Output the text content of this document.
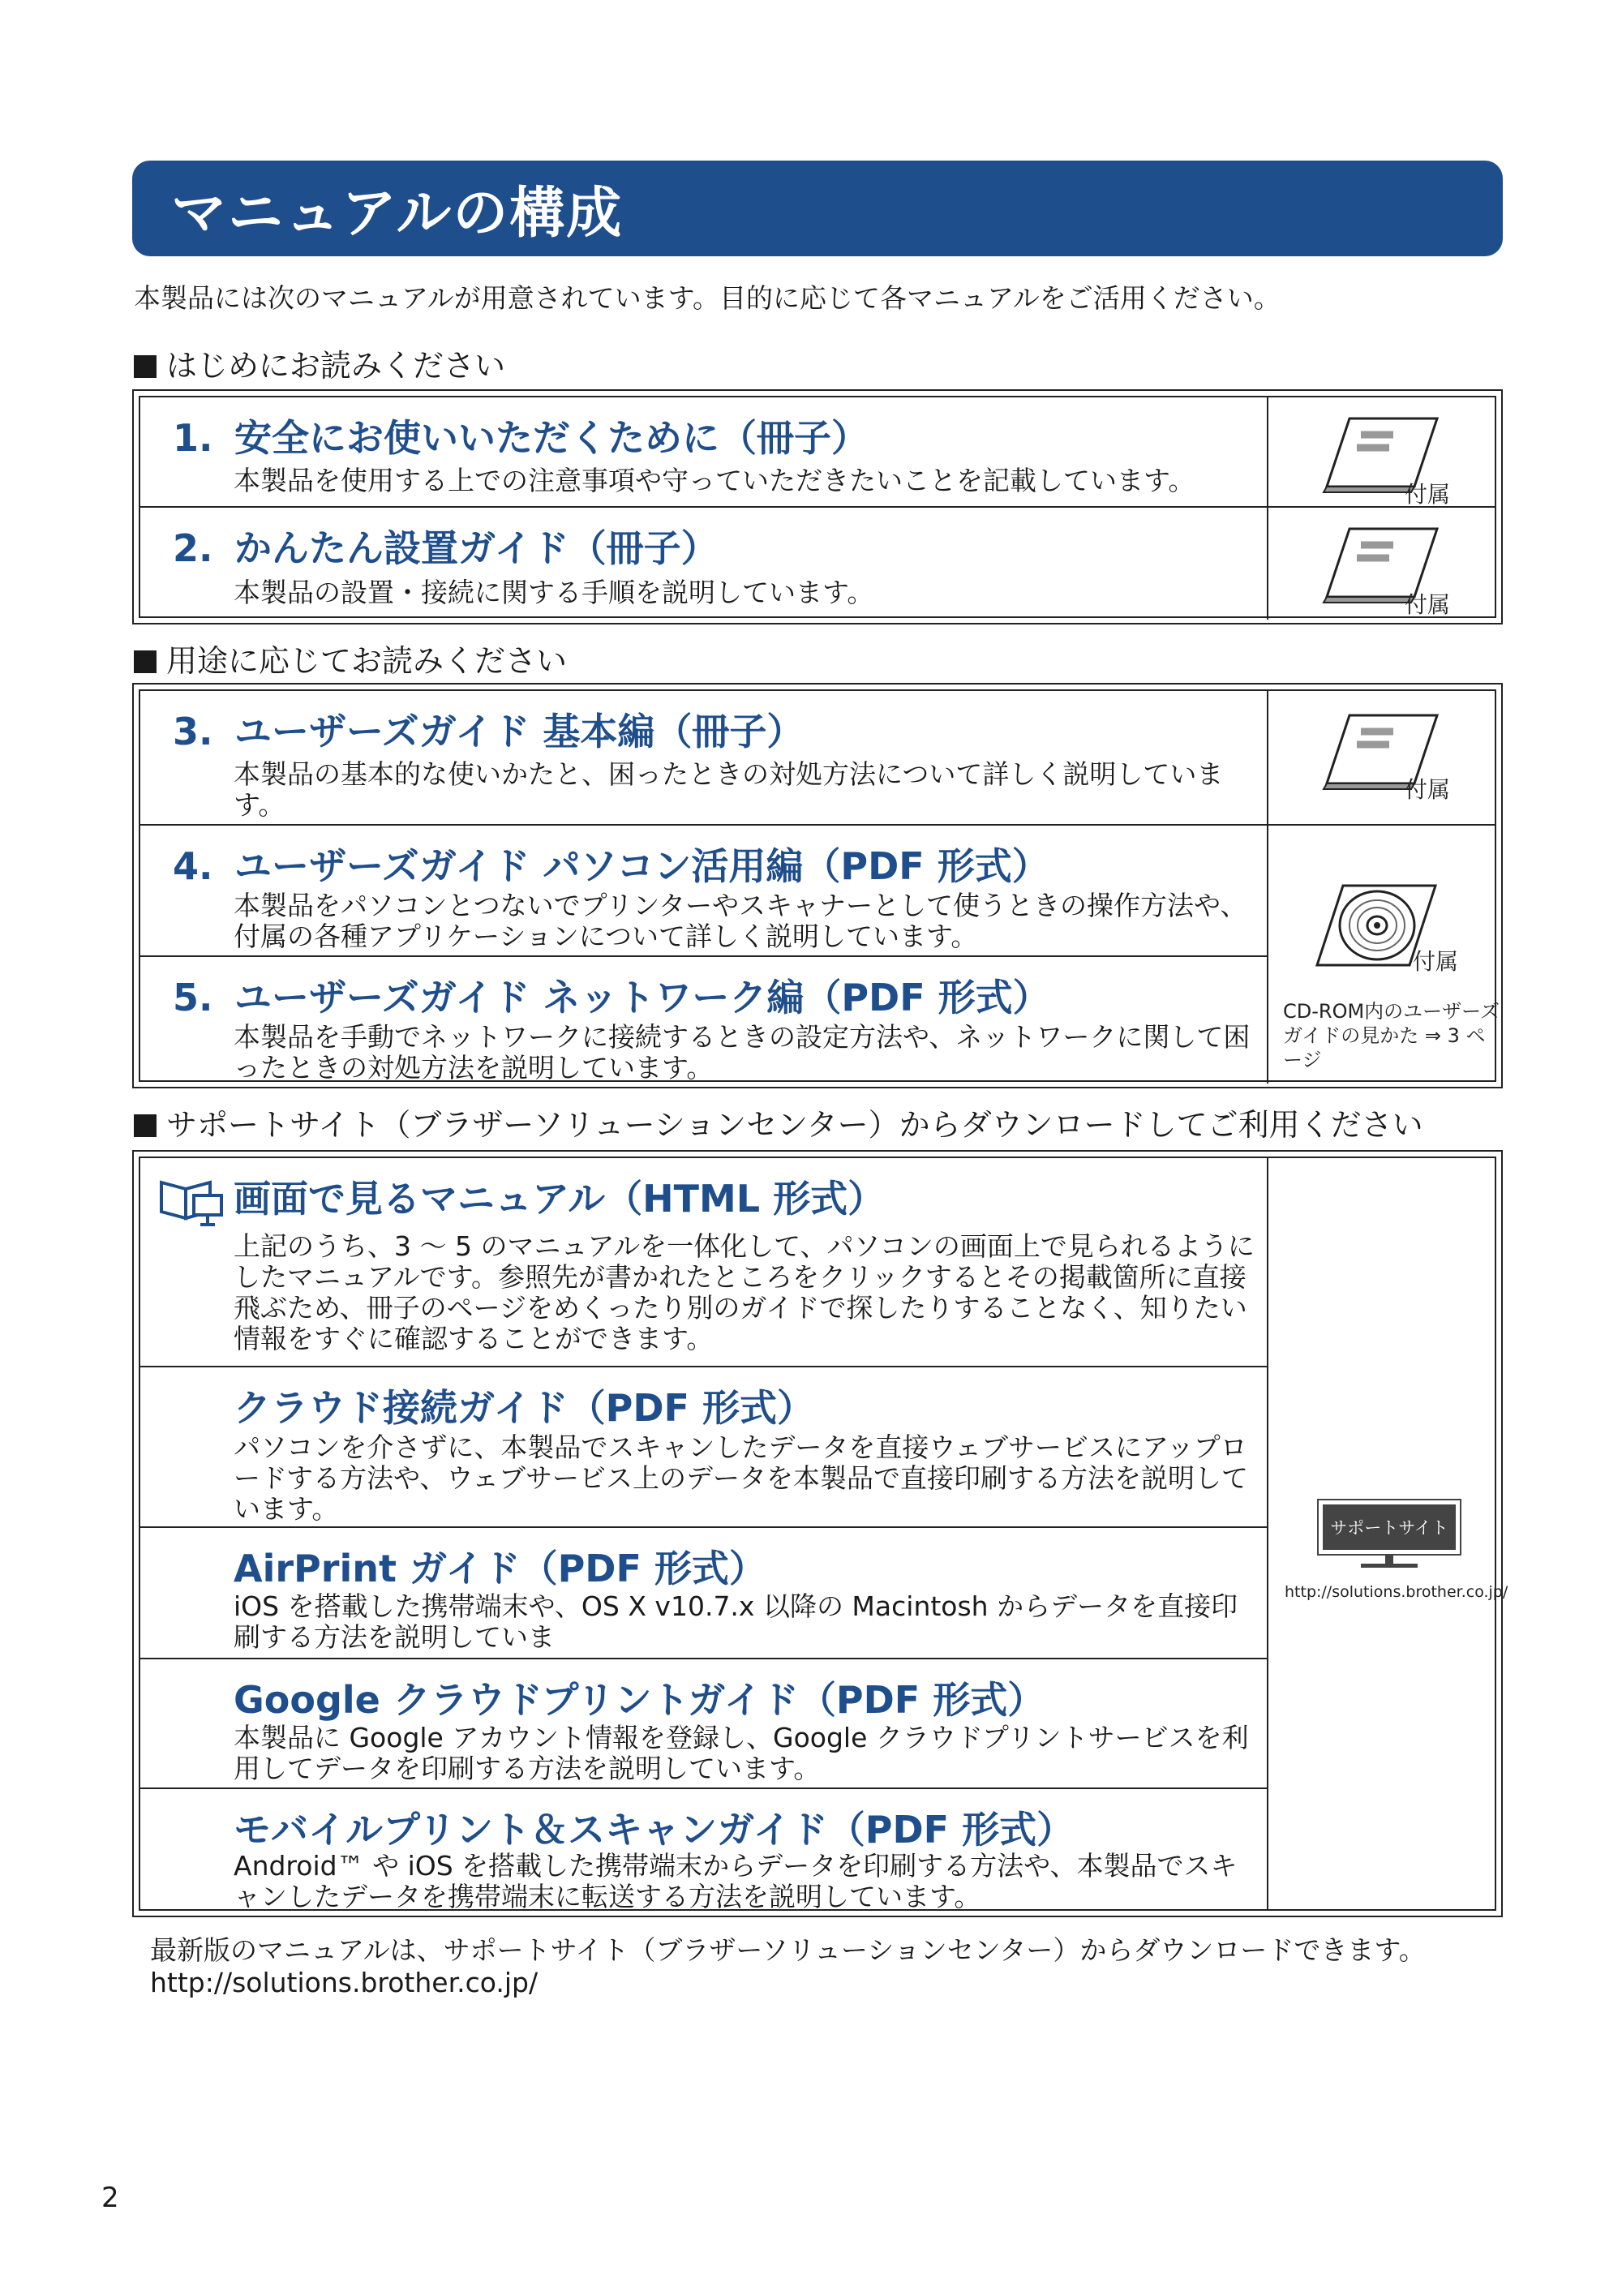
マニュアルの構成
本製品には次のマニュアルが用意されています。目的に応じて各マニュアルをご活用ください。
はじめにお読みください
1. 安全にお使いいただくために（冊子）
本製品を使用する上での注意事項や守っていただきたいことを記載しています。
2. かんたん設置ガイド（冊子）
本製品の設置・接続に関する手順を説明しています。
付属
付属
用途に応じてお読みください
3. ユーザーズガイド 基本編（冊子）
本製品の基本的な使いかたと、困ったときの対処方法について詳しく説明しています。
4. ユーザーズガイド パソコン活用編（PDF 形式）
本製品をパソコンとつないでプリンターやスキャナーとして使うときの操作方法や、付属の各種アプリケーションについて詳しく説明しています。
5. ユーザーズガイド ネットワーク編（PDF 形式）
本製品を手動でネットワークに接続するときの設定方法や、ネットワークに関して困ったときの対処方法を説明しています。
付属
付属
CD-ROM内のユーザーズガイドの見かた ⇒ 3 ページ
サポートサイト（ブラザーソリューションセンター）からダウンロードしてご利用ください
画面で見るマニュアル（HTML 形式）
上記のうち、3 ～ 5 のマニュアルを一体化して、パソコンの画面上で見られるようにしたマニュアルです。参照先が書かれたところをクリックするとその掲載箇所に直接飛ぶため、冊子のページをめくったり別のガイドで探したりすることなく、知りたい情報をすぐに確認することができます。
クラウド接続ガイド（PDF 形式）
パソコンを介さずに、本製品でスキャンしたデータを直接ウェブサービスにアップロードする方法や、ウェブサービス上のデータを本製品で直接印刷する方法を説明しています。
AirPrint ガイド（PDF 形式）
iOS を搭載した携帯端末や、OS X v10.7.x 以降の Macintosh からデータを直接印刷する方法を説明していま
Google クラウドプリントガイド（PDF 形式）
本製品に Google アカウント情報を登録し、Google クラウドプリントサービスを利用してデータを印刷する方法を説明しています。
モバイルプリント＆スキャンガイド（PDF 形式）
Android™ や iOS を搭載した携帯端末からデータを印刷する方法や、本製品でスキャンしたデータを携帯端末に転送する方法を説明しています。
サポートサイト
http://solutions.brother.co.jp/
最新版のマニュアルは、サポートサイト（ブラザーソリューションセンター）からダウンロードできます。
http://solutions.brother.co.jp/
2
